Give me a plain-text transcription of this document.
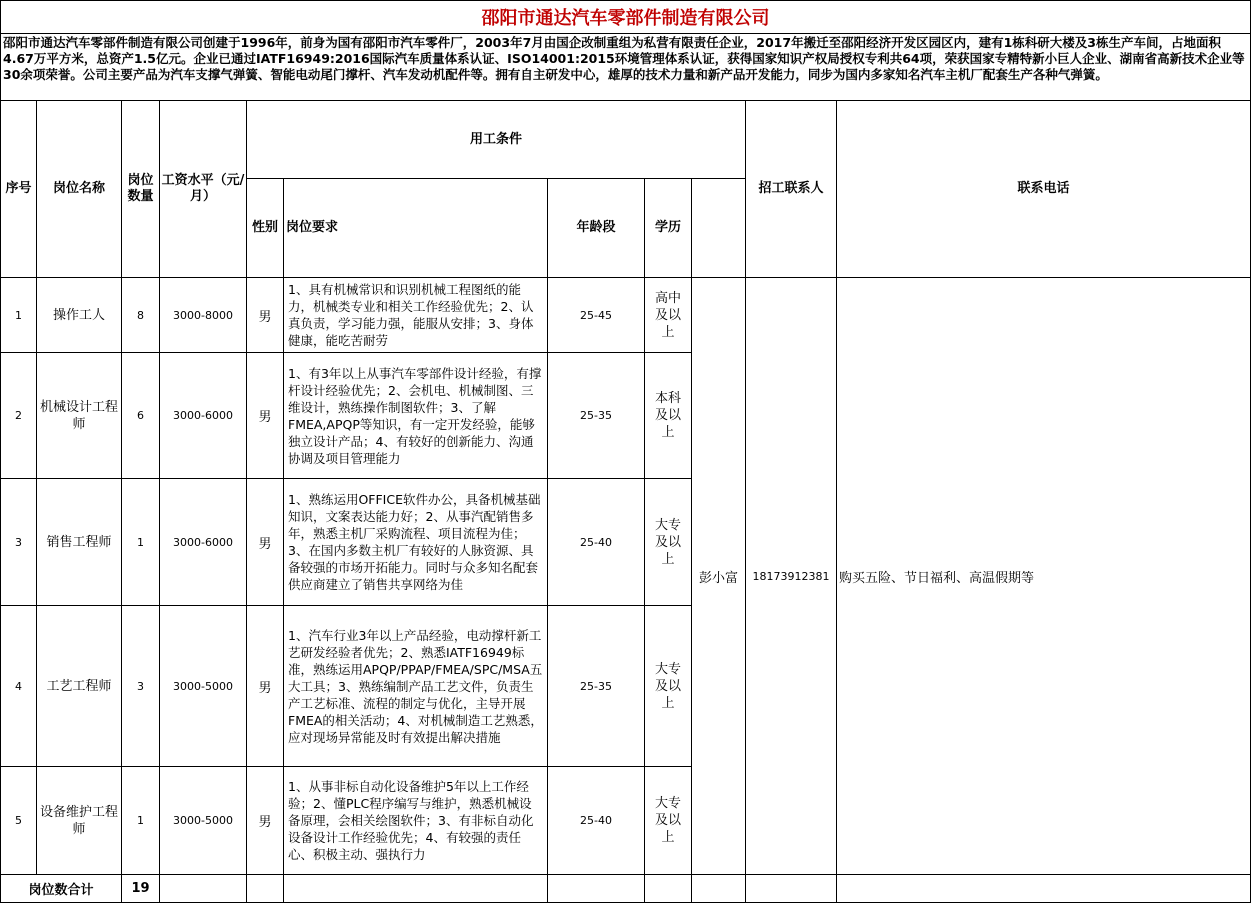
邵阳市通达汽车零部件制造有限公司											
邵阳市通达汽车零部件制造有限公司创建于1996年，前身为国有邵阳市汽车零件厂，2003年7月由国企改制重组为私营有限责任企业，2017年搬迁至邵阳经济开发区园区内，建有1栋科研大楼及3栋生产车间，占地面积4.67万平方米，总资产1.5亿元。企业已通过IATF16949:2016国际汽车质量体系认证、ISO14001:2015环境管理体系认证，获得国家知识产权局授权专利共64项，荣获国家专精特新小巨人企业、湖南省高新技术企业等30余项荣誉。公司主要产品为汽车支撑气弹簧、智能电动尾门撑杆、汽车发动机配件等。拥有自主研发中心，雄厚的技术力量和新产品开发能力，同步为国内多家知名汽车主机厂配套生产各种气弹簧。											
序号	岗位名称	岗位数量	工资水平（元/月）	用工条件					招工联系人	联系电话	
				性别	岗位要求	年龄段	学历				
1	操作工人	8	3000-8000	男	1、具有机械常识和识别机械工程图纸的能力，机械类专业和相关工作经验优先；2、认真负责，学习能力强，能服从安排；3、身体健康，能吃苦耐劳	25-45	高中及以上	彭小富	18173912381	购买五险、节日福利、高温假期等	
2	机械设计工程师	6	3000-6000	男	1、有3年以上从事汽车零部件设计经验，有撑杆设计经验优先；2、会机电、机械制图、三维设计，熟练操作制图软件；3、了解FMEA,APQP等知识，有一定开发经验，能够独立设计产品；4、有较好的创新能力、沟通协调及项目管理能力	25-35	本科及以上				
3	销售工程师	1	3000-6000	男	1、熟练运用OFFICE软件办公，具备机械基础知识，文案表达能力好；2、从事汽配销售多年，熟悉主机厂采购流程、项目流程为佳；3、在国内多数主机厂有较好的人脉资源、具备较强的市场开拓能力。同时与众多知名配套供应商建立了销售共享网络为佳	25-40	大专及以上				
4	工艺工程师	3	3000-5000	男	1、汽车行业3年以上产品经验，电动撑杆新工艺研发经验者优先；2、熟悉IATF16949标准，熟练运用APQP/PPAP/FMEA/SPC/MSA五大工具；3、熟练编制产品工艺文件，负责生产工艺标准、流程的制定与优化，主导开展FMEA的相关活动；4、对机械制造工艺熟悉，应对现场异常能及时有效提出解决措施	25-35	大专及以上				
5	设备维护工程师	1	3000-5000	男	1、从事非标自动化设备维护5年以上工作经验；2、懂PLC程序编写与维护，熟悉机械设备原理，会相关绘图软件；3、有非标自动化设备设计工作经验优先；4、有较强的责任心、积极主动、强执行力	25-40	大专及以上				
岗位数合计		19									
